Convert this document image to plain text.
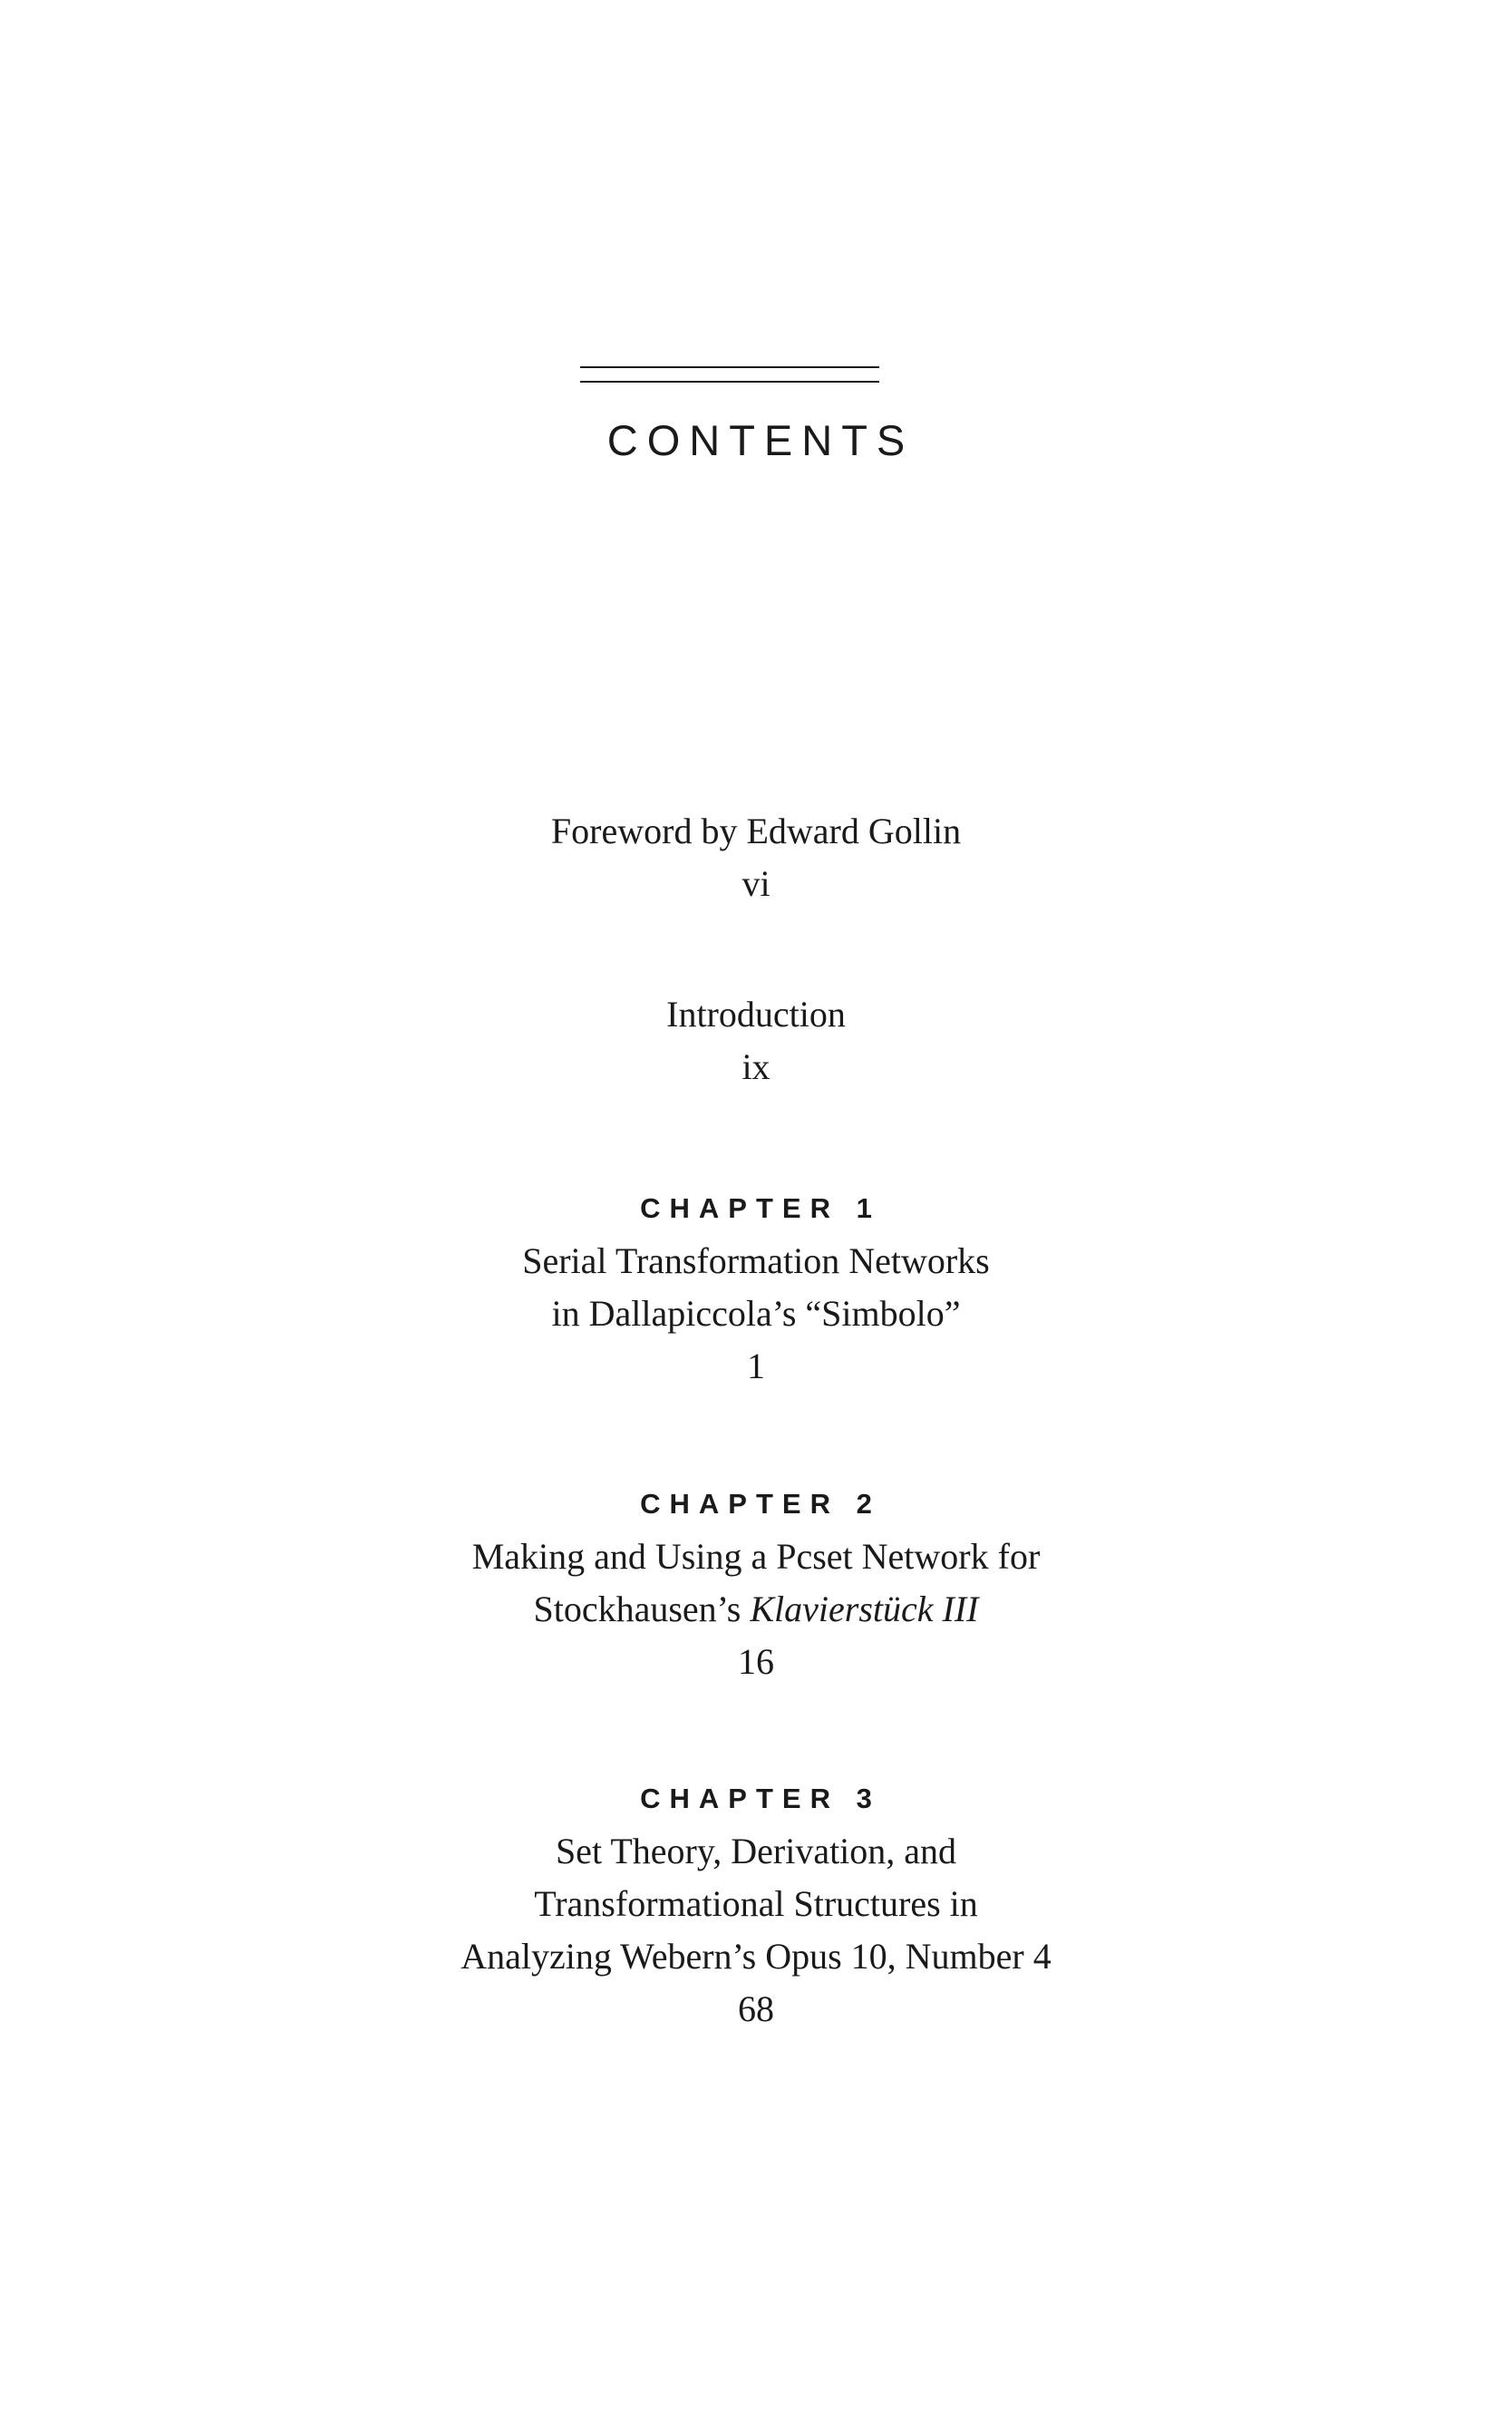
CONTENTS
Foreword by Edward Gollin
vi
Introduction
ix
CHAPTER 1
Serial Transformation Networks
in Dallapiccola’s “Simbolo”
1
CHAPTER 2
Making and Using a Pcset Network for
Stockhausen’s Klavierstück III
16
CHAPTER 3
Set Theory, Derivation, and
Transformational Structures in
Analyzing Webern’s Opus 10, Number 4
68
